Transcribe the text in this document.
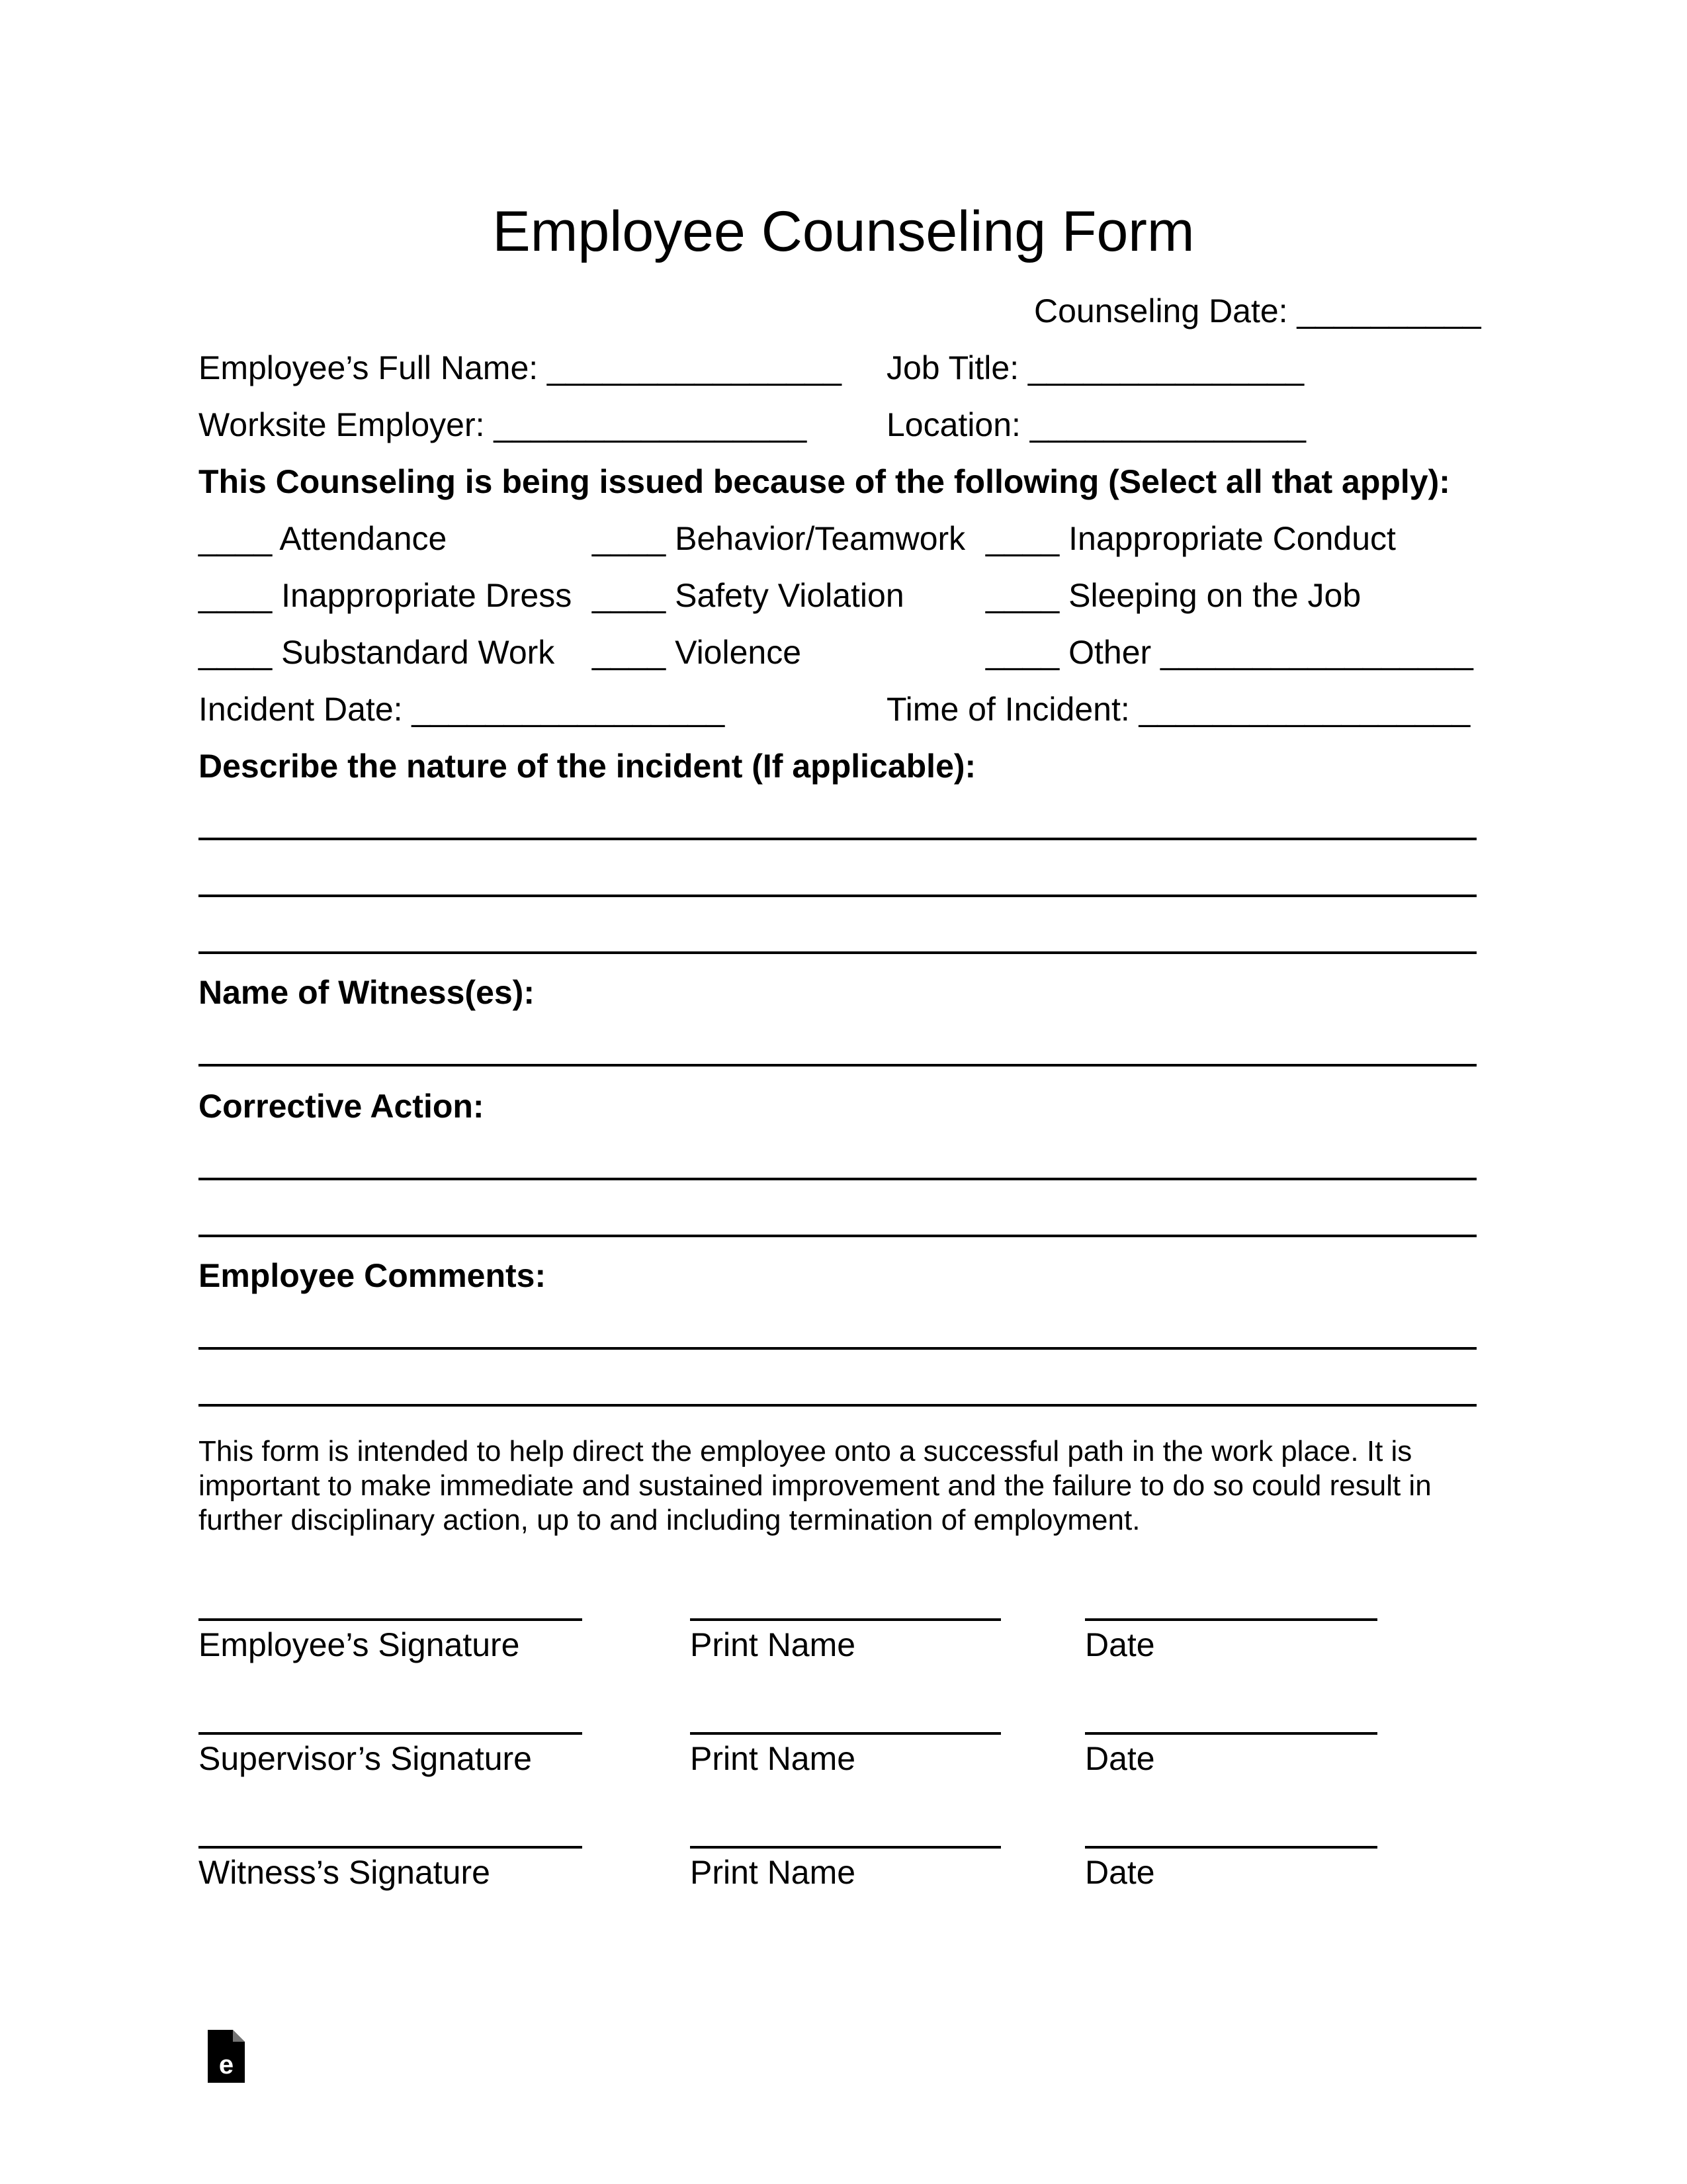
Employee Counseling Form
Counseling Date: __________
Employee’s Full Name: ________________ Job Title: _______________
Worksite Employer: _________________ Location: _______________
This Counseling is being issued because of the following (Select all that apply):
____ Attendance	____ Behavior/Teamwork ____ Inappropriate Conduct
____ Inappropriate Dress ____ Safety Violation ____ Sleeping on the Job
____ Substandard Work ____ Violence	____ Other _________________
Incident Date: _________________	Time of Incident: __________________
Describe the nature of the incident (If applicable):
Name of Witness(es):
Corrective Action:
Employee Comments:
This form is intended to help direct the employee onto a successful path in the work place. It is important to make immediate and sustained improvement and the failure to do so could result in further disciplinary action, up to and including termination of employment.
Employee’s Signature	Print Name	Date
Supervisor’s Signature	Print Name	Date
Witness’s Signature	Print Name	Date
e
